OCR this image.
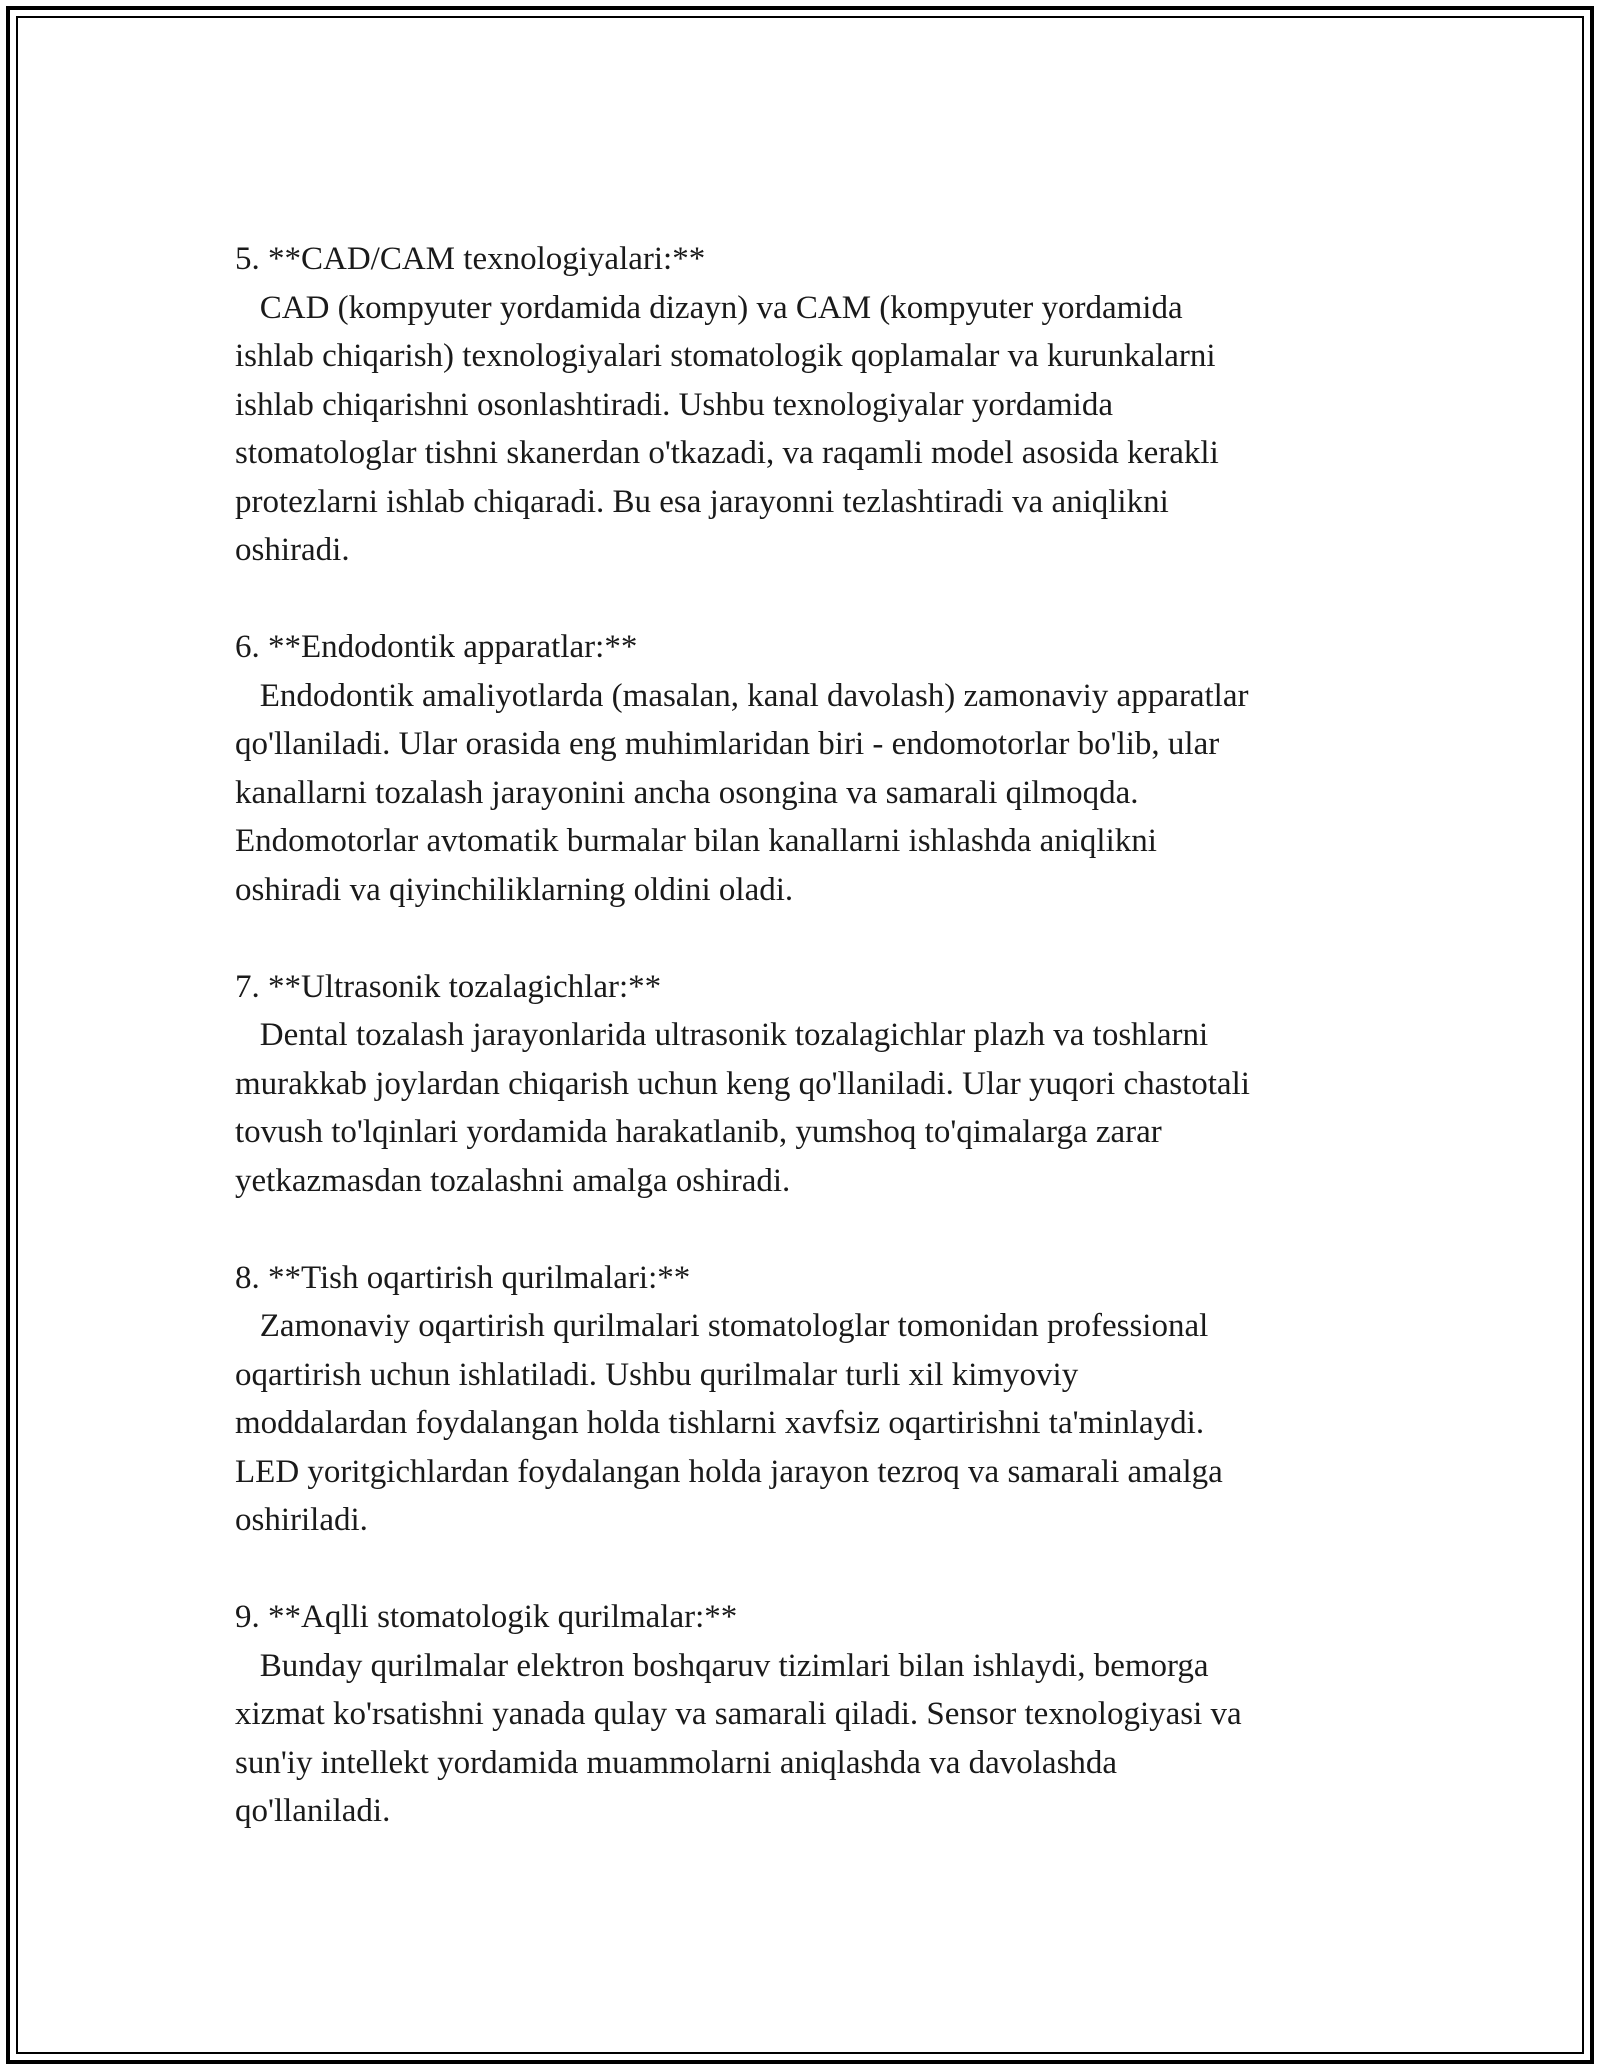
5. **CAD/CAM texnologiyalari:**
CAD (kompyuter yordamida dizayn) va CAM (kompyuter yordamida
ishlab chiqarish) texnologiyalari stomatologik qoplamalar va kurunkalarni
ishlab chiqarishni osonlashtiradi. Ushbu texnologiyalar yordamida
stomatologlar tishni skanerdan o'tkazadi, va raqamli model asosida kerakli
protezlarni ishlab chiqaradi. Bu esa jarayonni tezlashtiradi va aniqlikni
oshiradi.
6. **Endodontik apparatlar:**
Endodontik amaliyotlarda (masalan, kanal davolash) zamonaviy apparatlar
qo'llaniladi. Ular orasida eng muhimlaridan biri - endomotorlar bo'lib, ular
kanallarni tozalash jarayonini ancha osongina va samarali qilmoqda.
Endomotorlar avtomatik burmalar bilan kanallarni ishlashda aniqlikni
oshiradi va qiyinchiliklarning oldini oladi.
7. **Ultrasonik tozalagichlar:**
Dental tozalash jarayonlarida ultrasonik tozalagichlar plazh va toshlarni
murakkab joylardan chiqarish uchun keng qo'llaniladi. Ular yuqori chastotali
tovush to'lqinlari yordamida harakatlanib, yumshoq to'qimalarga zarar
yetkazmasdan tozalashni amalga oshiradi.
8. **Tish oqartirish qurilmalari:**
Zamonaviy oqartirish qurilmalari stomatologlar tomonidan professional
oqartirish uchun ishlatiladi. Ushbu qurilmalar turli xil kimyoviy
moddalardan foydalangan holda tishlarni xavfsiz oqartirishni ta'minlaydi.
LED yoritgichlardan foydalangan holda jarayon tezroq va samarali amalga
oshiriladi.
9. **Aqlli stomatologik qurilmalar:**
Bunday qurilmalar elektron boshqaruv tizimlari bilan ishlaydi, bemorga
xizmat ko'rsatishni yanada qulay va samarali qiladi. Sensor texnologiyasi va
sun'iy intellekt yordamida muammolarni aniqlashda va davolashda
qo'llaniladi.
